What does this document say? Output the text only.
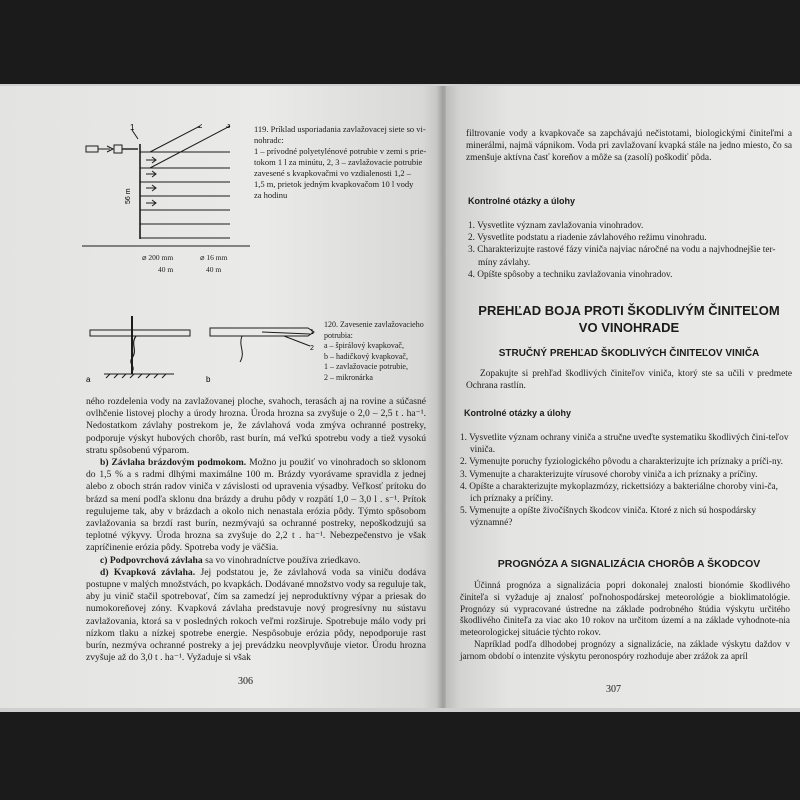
1	2	3
56 m
⌀ 200 mm	⌀ 16 mm
40 m	40 m
119. Príklad usporiadania zavlažovacej siete so vi-
nohradc:
1 – prívodné polyetylénové potrubie v zemi s prie-
tokom 1 l za minútu, 2, 3 – zavlažovacie potrubie
zavesené s kvapkovačmi vo vzdialenosti 1,2 –
1,5 m, prietok jedným kvapkovačom 10 l vody
za hodinu
a	b
1
2
120. Zavesenie zavlažovacieho
potrubia:
a – špirálový kvapkovač,
b – hadičkový kvapkovač,
1 – zavlažovacie potrubie,
2 – mikronárka

ného rozdelenia vody na zavlažovanej ploche, svahoch, terasách aj na rovine a súčasné ovlhčenie listovej plochy a úrody hrozna. Úroda hrozna sa zvyšuje o 2,0 – 2,5 t . ha⁻¹. Nedostatkom závlahy postrekom je, že závlahová voda zmýva ochranné postreky, podporuje výskyt hubových chorôb, rast burín, má veľkú spotrebu vody a tiež vysokú stratu spôsobenú výparom.

b) Závlaha brázdovým podmokom. Možno ju použiť vo vinohradoch so sklonom do 1,5 % a s radmi dlhými maximálne 100 m. Brázdy vyorávame spravidla z jednej alebo z oboch strán radov viniča v závislosti od upravenia výsadby. Veľkosť prítoku do brázd sa mení podľa sklonu dna brázdy a druhu pôdy v rozpätí 1,0 – 3,0 l . s⁻¹. Prítok regulujeme tak, aby v brázdach a okolo nich nenastala erózia pôdy. Týmto spôsobom zavlažovania sa brzdí rast burín, nezmývajú sa ochranné postreky, nepoškodzujú sa teplotné výkyvy. Úroda hrozna sa zvyšuje do 2,2 t . ha⁻¹. Nebezpečenstvo je však zapríčinenie erózia pôdy. Spotreba vody je väčšia.

c) Podpovrchová závlaha sa vo vinohradníctve používa zriedkavo.

d) Kvapková závlaha. Jej podstatou je, že závlahová voda sa viniču dodáva postupne v malých množstvách, po kvapkách. Dodávané množstvo vody sa reguluje tak, aby ju vinič stačil spotrebovať, čím sa zamedzí jej neproduktívny výpar a priesak do numokoreňovej zóny. Kvapková závlaha predstavuje nový progresívny nu sústavu zavlažovania, ktorá sa v posledných rokoch veľmi rozširuje. Spotrebuje málo vody pri nízkom tlaku a nízkej spotrebe energie. Nespôsobuje erózia pôdy, nepodporuje rast burín, nezmýva ochranné postreky a jej prevádzku neovplyvňuje vietor. Úrodu hrozna zvyšuje až do 3,0 t . ha⁻¹. Vyžaduje si však

306
filtrovanie vody a kvapkovače sa zapchávajú nečistotami, biologickými činiteľmi a minerálmi, najmä vápnikom. Voda pri zavlažovaní kvapká stále na jedno miesto, čo sa zmenšuje aktívna časť koreňov a môže sa (zasolí) poškodiť pôda.
Kontrolné otázky a úlohy
1. Vysvetlite význam zavlažovania vinohradov.
2. Vysvetlite podstatu a riadenie závlahového režimu vinohradu.
3. Charakterizujte rastové fázy viniča najviac náročné na vodu a najvhodnejšie ter-míny závlahy.
4. Opíšte spôsoby a techniku zavlažovania vinohradov.
PREHĽAD BOJA PROTI ŠKODLIVÝM ČINITEĽOM
VO VINOHRADE
STRUČNÝ PREHĽAD ŠKODLIVÝCH ČINITEĽOV VINIČA
Zopakujte si prehľad škodlivých činiteľov viniča, ktorý ste sa učili v predmete Ochrana rastlín.
Kontrolné otázky a úlohy
1. Vysvetlite význam ochrany viniča a stručne uveďte systematiku škodlivých čini-teľov viniča.
2. Vymenujte poruchy fyziologického pôvodu a charakterizujte ich príznaky a príči-ny.
3. Vymenujte a charakterizujte vírusové choroby viniča a ich príznaky a príčiny.
4. Opíšte a charakterizujte mykoplazmózy, rickettsiózy a bakteriálne choroby vini-ča, ich príznaky a príčiny.
5. Vymenujte a opíšte živočíšnych škodcov viniča. Ktoré z nich sú hospodársky významné?
PROGNÓZA A SIGNALIZÁCIA CHORÔB A ŠKODCOV

Účinná prognóza a signalizácia popri dokonalej znalosti bionómie škodlivého činiteľa si vyžaduje aj znalosť poľnohospodárskej meteorológie a bioklimatológie. Prognózy sú vypracované ústredne na základe podrobného štúdia výskytu určitého škodlivého činiteľa za viac ako 10 rokov na určitom území a na základe vyhodnote-nia meteorologickej situácie týchto rokov.

Napríklad podľa dlhodobej prognózy a signalizácie, na základe výskytu daždov v jarnom období o intenzite výskytu peronospóry rozhoduje aber zrážok za apríl

307
